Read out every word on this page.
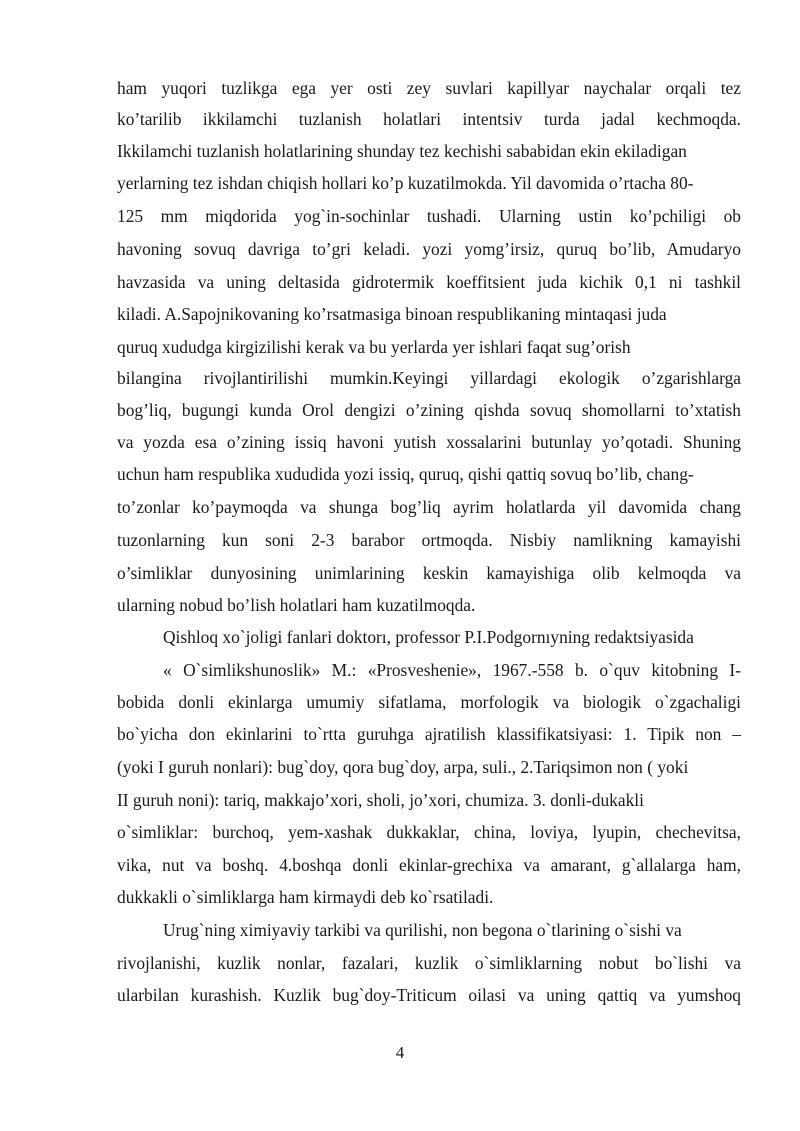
ham yuqori tuzlikga ega yer osti zey suvlari kapillyar naychalar orqali tez
ko’tarilib ikkilamchi tuzlanish holatlari intentsiv turda jadal kechmoqda.
Ikkilamchi tuzlanish holatlarining shunday tez kechishi sababidan ekin ekiladigan
yerlarning tez ishdan chiqish hollari ko’p kuzatilmokda. Yil davomida o’rtacha 80-
125 mm miqdorida yog`in-sochinlar tushadi. Ularning ustin ko’pchiligi ob
havoning sovuq davriga to’gri keladi. yozi yomg’irsiz, quruq bo’lib, Amudaryo
havzasida va uning deltasida gidrotermik koeffitsient juda kichik 0,1 ni tashkil
kiladi. A.Sapojnikovaning ko’rsatmasiga binoan respublikaning mintaqasi juda
quruq xududga kirgizilishi kerak va bu yerlarda yer ishlari faqat sug’orish
bilangina rivojlantirilishi mumkin.Keyingi yillardagi ekologik o’zgarishlarga
bog’liq, bugungi kunda Orol dengizi o’zining qishda sovuq shomollarni to’xtatish
va yozda esa o’zining issiq havoni yutish xossalarini butunlay yo’qotadi. Shuning
uchun ham respublika xududida yozi issiq, quruq, qishi qattiq sovuq bo’lib, chang-
to’zonlar ko’paymoqda va shunga bog’liq ayrim holatlarda yil davomida chang
tuzonlarning kun soni 2-3 barabor ortmoqda. Nisbiy namlikning kamayishi
o’simliklar dunyosining unimlarining keskin kamayishiga olib kelmoqda va
ularning nobud bo’lish holatlari ham kuzatilmoqda.
Qishloq xo`joligi fanlari doktorı, professor P.I.Podgornıyning redaktsiyasida
« O`simlikshunoslik» M.: «Prosveshenie», 1967.-558 b. o`quv kitobning I-
bobida donli ekinlarga umumiy sifatlama, morfologik va biologik o`zgachaligi
bo`yicha don ekinlarini to`rtta guruhga ajratilish klassifikatsiyasi: 1. Tipik non –
(yoki I guruh nonlari): bug`doy, qora bug`doy, arpa, suli., 2.Tariqsimon non ( yoki
II guruh noni): tariq, makkajo’xori, sholi, jo’xori, chumiza. 3. donli-dukakli
o`simliklar: burchoq, yem-xashak dukkaklar, china, loviya, lyupin, chechevitsa,
vika, nut va boshq. 4.boshqa donli ekinlar-grechixa va amarant, g`allalarga ham,
dukkakli o`simliklarga ham kirmaydi deb ko`rsatiladi.
Urug`ning ximiyaviy tarkibi va qurilishi, non begona o`tlarining o`sishi va
rivojlanishi, kuzlik nonlar, fazalari, kuzlik o`simliklarning nobut bo`lishi va
ularbilan kurashish. Kuzlik bug`doy-Triticum oilasi va uning qattiq va yumshoq
4
